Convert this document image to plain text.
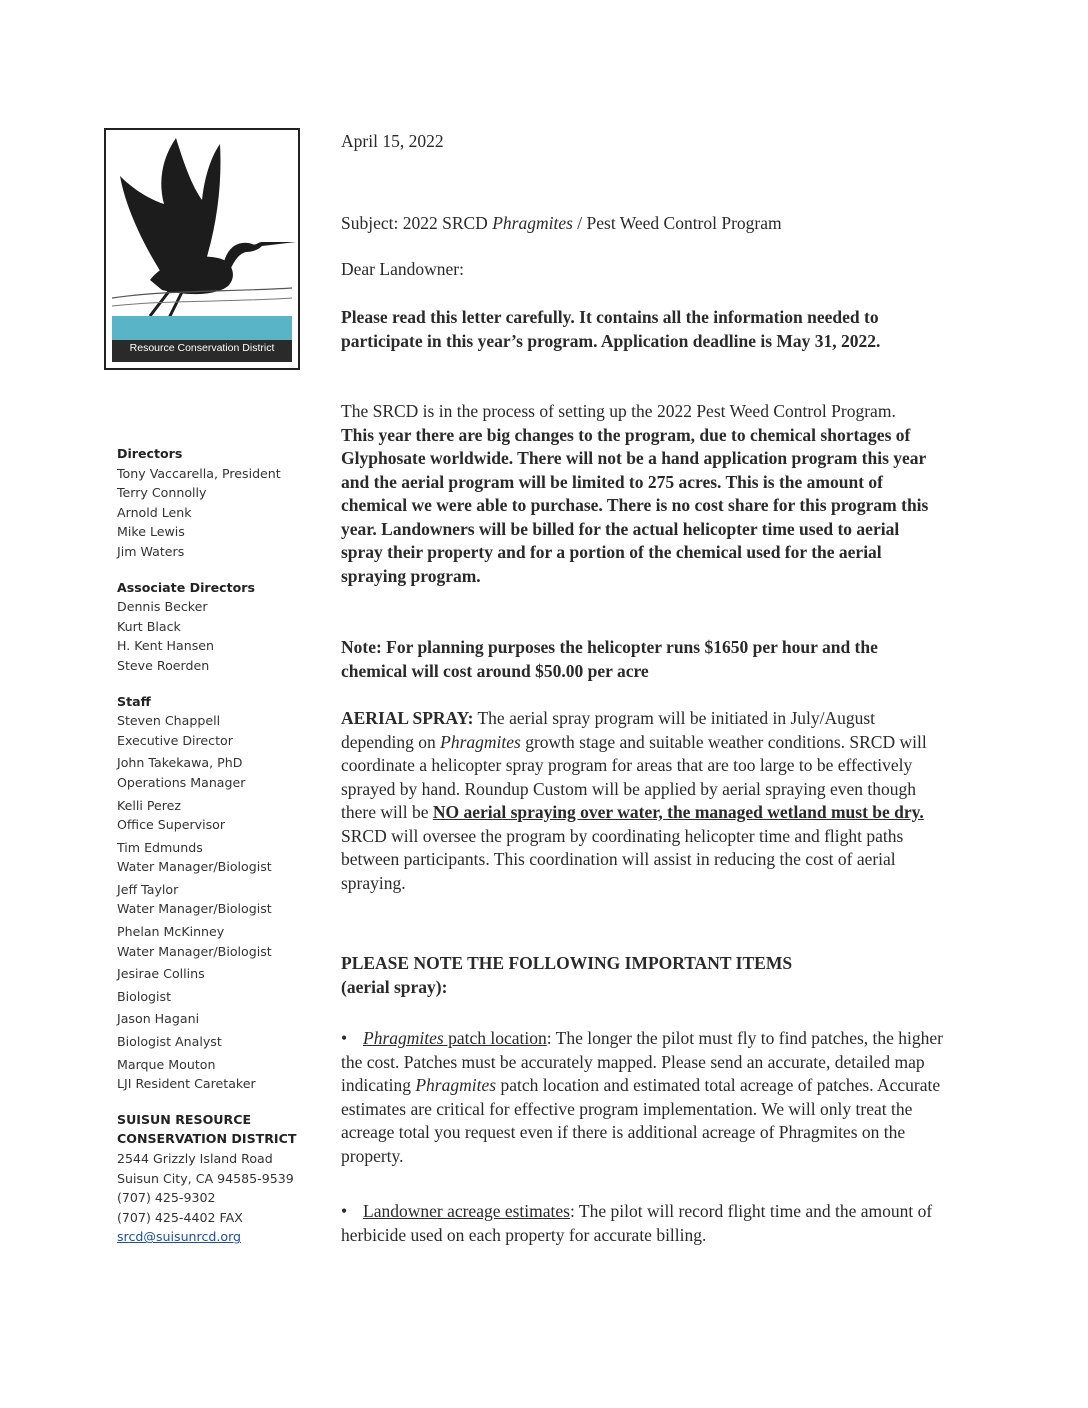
Resource Conservation District
Directors
Tony Vaccarella, President
Terry Connolly
Arnold Lenk
Mike Lewis
Jim Waters
Associate Directors
Dennis Becker
Kurt Black
H. Kent Hansen
Steve Roerden
Staff
Steven Chappell
Executive Director
John Takekawa, PhD
Operations Manager
Kelli Perez
Office Supervisor
Tim Edmunds
Water Manager/Biologist
Jeff Taylor
Water Manager/Biologist
Phelan McKinney
Water Manager/Biologist
Jesirae Collins
Biologist
Jason Hagani
Biologist Analyst
Marque Mouton
LJI Resident Caretaker
SUISUN RESOURCE
CONSERVATION DISTRICT
2544 Grizzly Island Road
Suisun City, CA 94585-9539
(707) 425-9302
(707) 425-4402 FAX
srcd@suisunrcd.org
April 15, 2022
Subject: 2022 SRCD Phragmites / Pest Weed Control Program
Dear Landowner:
Please read this letter carefully. It contains all the information needed to participate in this year’s program. Application deadline is May 31, 2022.
The SRCD is in the process of setting up the 2022 Pest Weed Control Program. This year there are big changes to the program, due to chemical shortages of Glyphosate worldwide. There will not be a hand application program this year and the aerial program will be limited to 275 acres. This is the amount of chemical we were able to purchase. There is no cost share for this program this year. Landowners will be billed for the actual helicopter time used to aerial spray their property and for a portion of the chemical used for the aerial spraying program.
Note: For planning purposes the helicopter runs $1650 per hour and the chemical will cost around $50.00 per acre
AERIAL SPRAY: The aerial spray program will be initiated in July/August depending on Phragmites growth stage and suitable weather conditions. SRCD will coordinate a helicopter spray program for areas that are too large to be effectively sprayed by hand. Roundup Custom will be applied by aerial spraying even though there will be NO aerial spraying over water, the managed wetland must be dry. SRCD will oversee the program by coordinating helicopter time and flight paths between participants. This coordination will assist in reducing the cost of aerial spraying.
PLEASE NOTE THE FOLLOWING IMPORTANT ITEMS
(aerial spray):
•Phragmites patch location: The longer the pilot must fly to find patches, the higher the cost. Patches must be accurately mapped. Please send an accurate, detailed map indicating Phragmites patch location and estimated total acreage of patches. Accurate estimates are critical for effective program implementation. We will only treat the acreage total you request even if there is additional acreage of Phragmites on the property.
•Landowner acreage estimates: The pilot will record flight time and the amount of herbicide used on each property for accurate billing.
